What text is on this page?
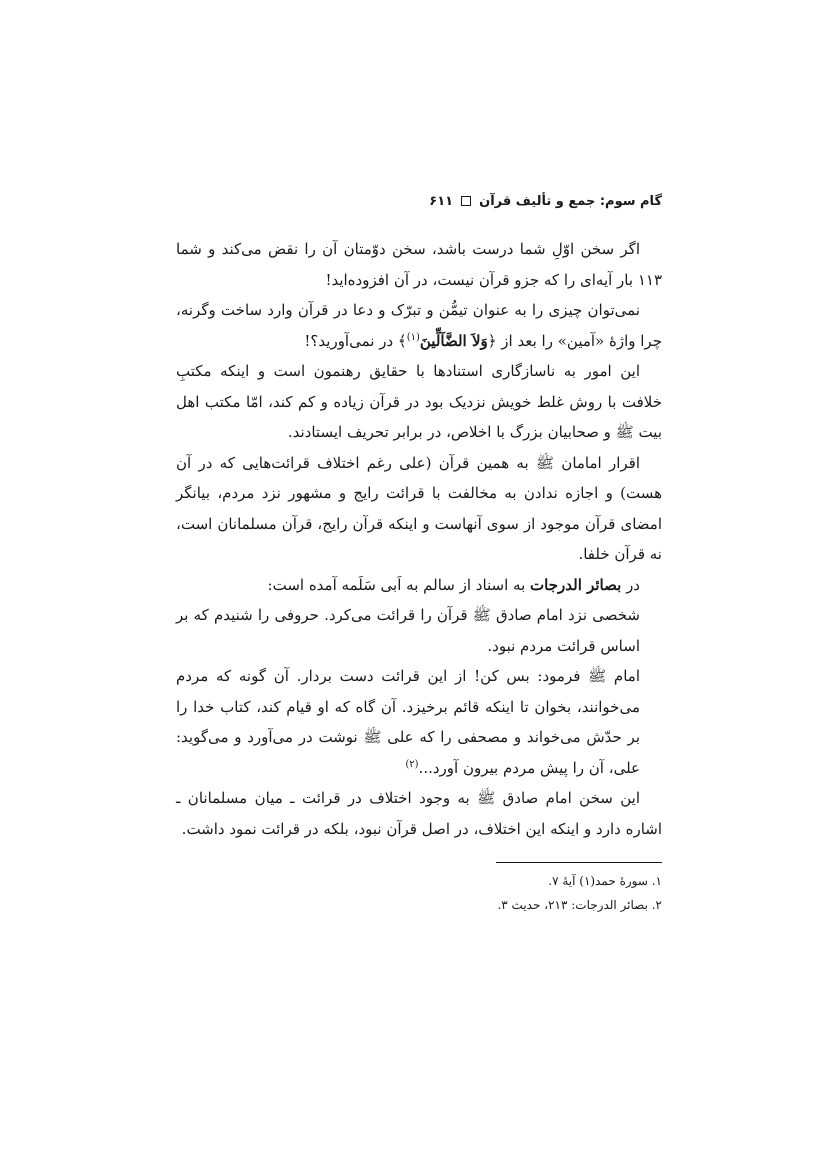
گام سوم: جمع و تألیف قرآن
۶۱۱

اگر سخن اوّلِ شما درست باشد، سخن دوّمتان آن را نقض می‌کند و شما ۱۱۳ بار آیه‌ای را که جزو قرآن نیست، در آن افزوده‌اید!

نمی‌توان چیزی را به عنوان تیمُّن و تبرّک و دعا در قرآن وارد ساخت وگرنه، چرا واژهٔ «آمین» را بعد از ﴿وَلاَ الضَّآلِّينَ$^{(۱)}$﴾ در نمی‌آورید؟!

این امور به ناسازگاری استنادها با حقایق رهنمون است و اینکه مکتبِ خلافت با روش غلط خویش نزدیک بود در قرآن زیاده و کم کند، امّا مکتب اهل بیت ﷺ و صحابیان بزرگ با اخلاص، در برابر تحریف ایستادند.

اقرار امامان ﷺ به همین قرآن (علی رغم اختلاف قرائت‌هایی که در آن هست) و اجازه ندادن به مخالفت با قرائت رایج و مشهور نزد مردم، بیانگر امضای قرآن موجود از سوی آنهاست و اینکه قرآن رایج، قرآن مسلمانان است، نه قرآن خلفا.

در بصائر الدرجات به اسناد از سالم به اَبی سَلَمه آمده است:

شخصی نزد امام صادق ﷺ قرآن را قرائت می‌کرد. حروفی را شنیدم که بر اساس قرائت مردم نبود.

امام ﷺ فرمود: بس کن! از این قرائت دست بردار. آن گونه که مردم می‌خوانند، بخوان تا اینکه قائم برخیزد. آن گاه که او قیام کند، کتاب خدا را بر حدّش می‌خواند و مصحفی را که علی ﷺ نوشت در می‌آورد و می‌گوید: علی، آن را پیش مردم بیرون آورد...$^{(۲)}$

این سخن امام صادق ﷺ به وجود اختلاف در قرائت ـ میان مسلمانان ـ اشاره دارد و اینکه این اختلاف، در اصل قرآن نبود، بلکه در قرائت نمود داشت.

۱. سورهٔ حمد(۱) آیهٔ ۷.

۲. بصائر الدرجات: ۲۱۳، حدیث ۳.
